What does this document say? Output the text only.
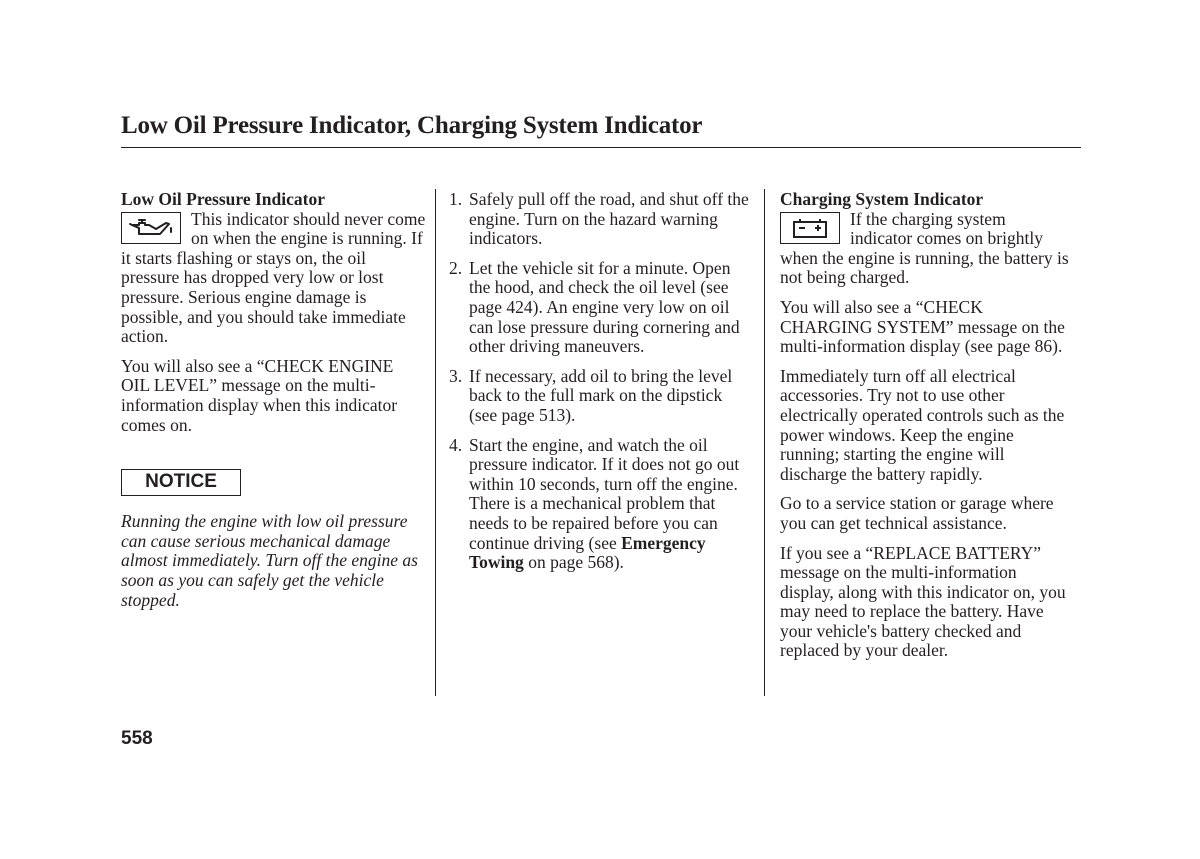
Low Oil Pressure Indicator, Charging System Indicator
Low Oil Pressure Indicator

This indicator should never come on when the engine is running. If it starts flashing or stays on, the oil pressure has dropped very low or lost pressure. Serious engine damage is possible, and you should take immediate action.

You will also see a “CHECK ENGINE OIL LEVEL” message on the multi-information display when this indicator comes on.

NOTICE

Running the engine with low oil pressure can cause serious mechanical damage almost immediately. Turn off the engine as soon as you can safely get the vehicle stopped.

1. Safely pull off the road, and shut off the engine. Turn on the hazard warning indicators.
2. Let the vehicle sit for a minute. Open the hood, and check the oil level (see page 424). An engine very low on oil can lose pressure during cornering and other driving maneuvers.
3. If necessary, add oil to bring the level back to the full mark on the dipstick (see page 513).
4. Start the engine, and watch the oil pressure indicator. If it does not go out within 10 seconds, turn off the engine. There is a mechanical problem that needs to be repaired before you can continue driving (see Emergency Towing on page 568).
Charging System Indicator

If the charging system indicator comes on brightly when the engine is running, the battery is not being charged.

You will also see a “CHECK CHARGING SYSTEM” message on the multi-information display (see page 86).

Immediately turn off all electrical accessories. Try not to use other electrically operated controls such as the power windows. Keep the engine running; starting the engine will discharge the battery rapidly.

Go to a service station or garage where you can get technical assistance.

If you see a “REPLACE BATTERY” message on the multi-information display, along with this indicator on, you may need to replace the battery. Have your vehicle's battery checked and replaced by your dealer.

558
